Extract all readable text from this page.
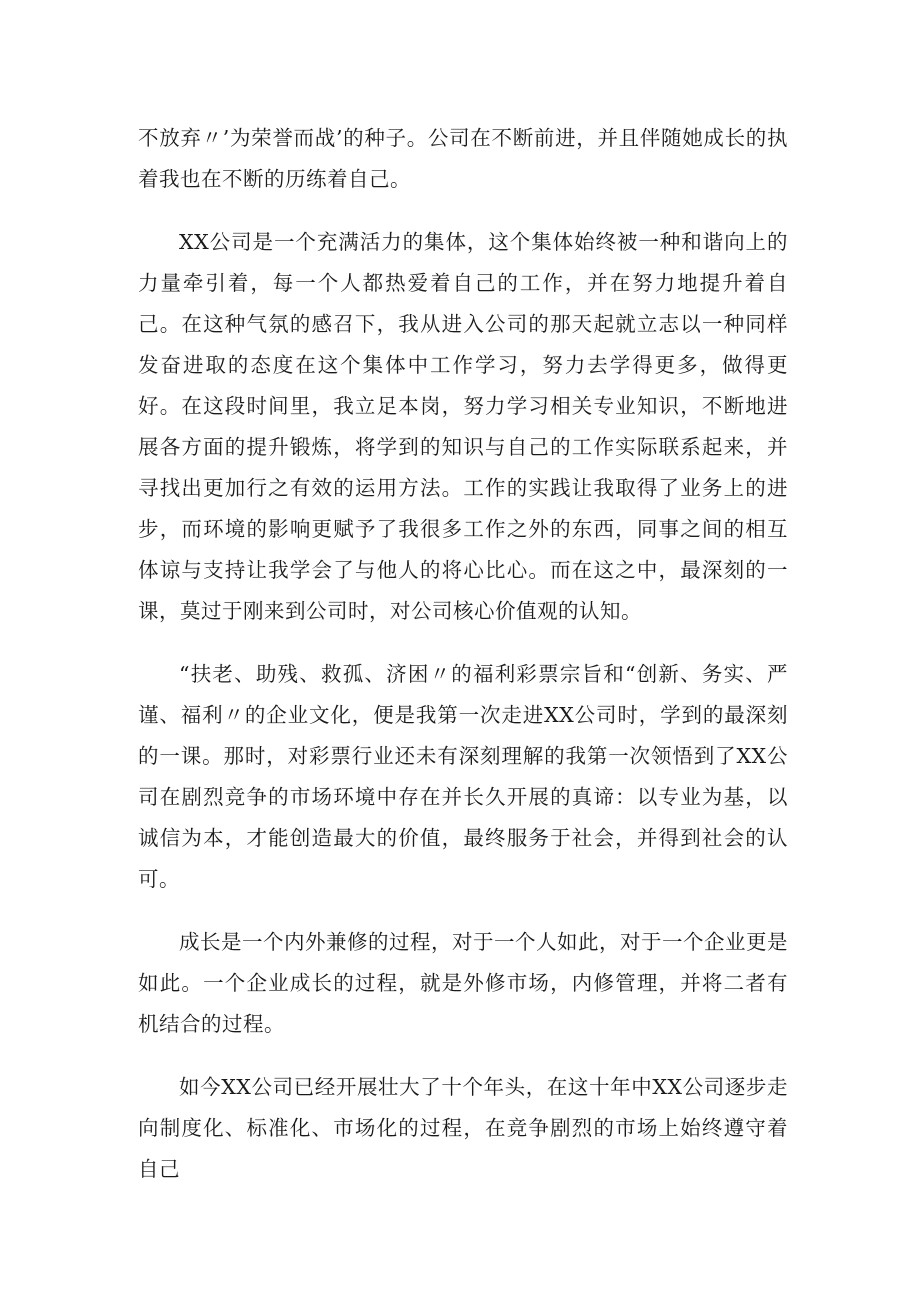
不放弃〃’为荣誉而战’的种子。公司在不断前进，并且伴随她成长的执着我也在不断的历练着自己。

XX公司是一个充满活力的集体，这个集体始终被一种和谐向上的力量牵引着，每一个人都热爱着自己的工作，并在努力地提升着自己。在这种气氛的感召下，我从进入公司的那天起就立志以一种同样发奋进取的态度在这个集体中工作学习，努力去学得更多，做得更好。在这段时间里，我立足本岗，努力学习相关专业知识，不断地进展各方面的提升锻炼，将学到的知识与自己的工作实际联系起来，并寻找出更加行之有效的运用方法。工作的实践让我取得了业务上的进步，而环境的影响更赋予了我很多工作之外的东西，同事之间的相互体谅与支持让我学会了与他人的将心比心。而在这之中，最深刻的一课，莫过于刚来到公司时，对公司核心价值观的认知。

“扶老、助残、救孤、济困〃的福利彩票宗旨和“创新、务实、严谨、福利〃的企业文化，便是我第一次走进XX公司时，学到的最深刻的一课。那时，对彩票行业还未有深刻理解的我第一次领悟到了XX公司在剧烈竞争的市场环境中存在并长久开展的真谛：以专业为基，以诚信为本，才能创造最大的价值，最终服务于社会，并得到社会的认可。

成长是一个内外兼修的过程，对于一个人如此，对于一个企业更是如此。一个企业成长的过程，就是外修市场，内修管理，并将二者有机结合的过程。

如今XX公司已经开展壮大了十个年头，在这十年中XX公司逐步走向制度化、标准化、市场化的过程，在竞争剧烈的市场上始终遵守着自己
